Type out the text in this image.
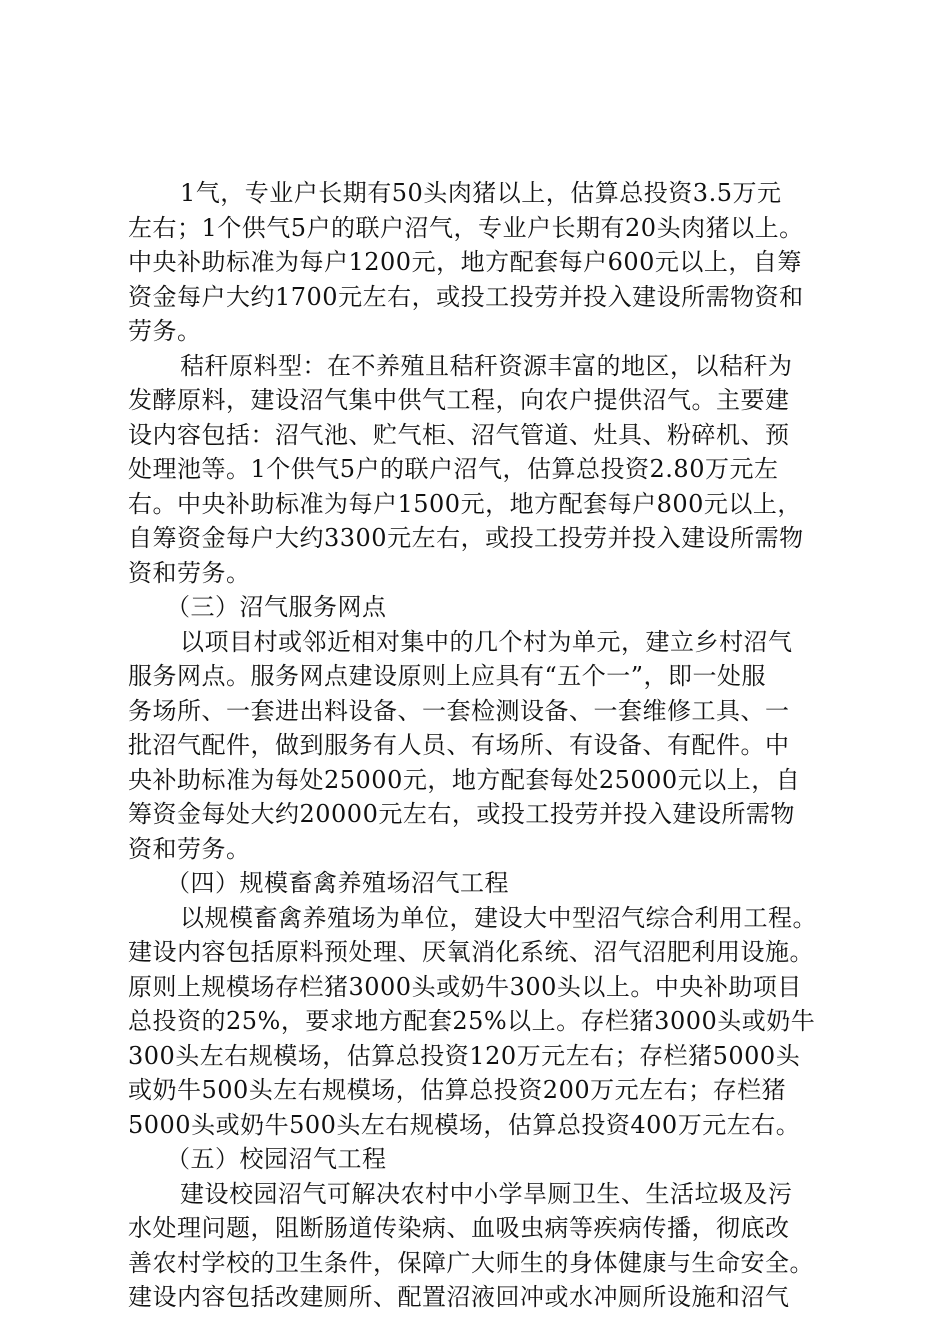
1气，专业户长期有50头肉猪以上，估算总投资3.5万元
左右；1个供气5户的联户沼气，专业户长期有20头肉猪以上。
中央补助标准为每户1200元，地方配套每户600元以上，自筹
资金每户大约1700元左右，或投工投劳并投入建设所需物资和
劳务。
秸秆原料型：在不养殖且秸秆资源丰富的地区，以秸秆为
发酵原料，建设沼气集中供气工程，向农户提供沼气。主要建
设内容包括：沼气池、贮气柜、沼气管道、灶具、粉碎机、预
处理池等。1个供气5户的联户沼气，估算总投资2.80万元左
右。中央补助标准为每户1500元，地方配套每户800元以上，
自筹资金每户大约3300元左右，或投工投劳并投入建设所需物
资和劳务。
（三）沼气服务网点
以项目村或邻近相对集中的几个村为单元，建立乡村沼气
服务网点。服务网点建设原则上应具有“五个一”，即一处服
务场所、一套进出料设备、一套检测设备、一套维修工具、一
批沼气配件，做到服务有人员、有场所、有设备、有配件。中
央补助标准为每处25000元，地方配套每处25000元以上，自
筹资金每处大约20000元左右，或投工投劳并投入建设所需物
资和劳务。
（四）规模畜禽养殖场沼气工程
以规模畜禽养殖场为单位，建设大中型沼气综合利用工程。
建设内容包括原料预处理、厌氧消化系统、沼气沼肥利用设施。
原则上规模场存栏猪3000头或奶牛300头以上。中央补助项目
总投资的25%，要求地方配套25%以上。存栏猪3000头或奶牛
300头左右规模场，估算总投资120万元左右；存栏猪5000头
或奶牛500头左右规模场，估算总投资200万元左右；存栏猪
5000头或奶牛500头左右规模场，估算总投资400万元左右。
（五）校园沼气工程
建设校园沼气可解决农村中小学旱厕卫生、生活垃圾及污
水处理问题，阻断肠道传染病、血吸虫病等疾病传播，彻底改
善农村学校的卫生条件，保障广大师生的身体健康与生命安全。
建设内容包括改建厕所、配置沼液回冲或水冲厕所设施和沼气
